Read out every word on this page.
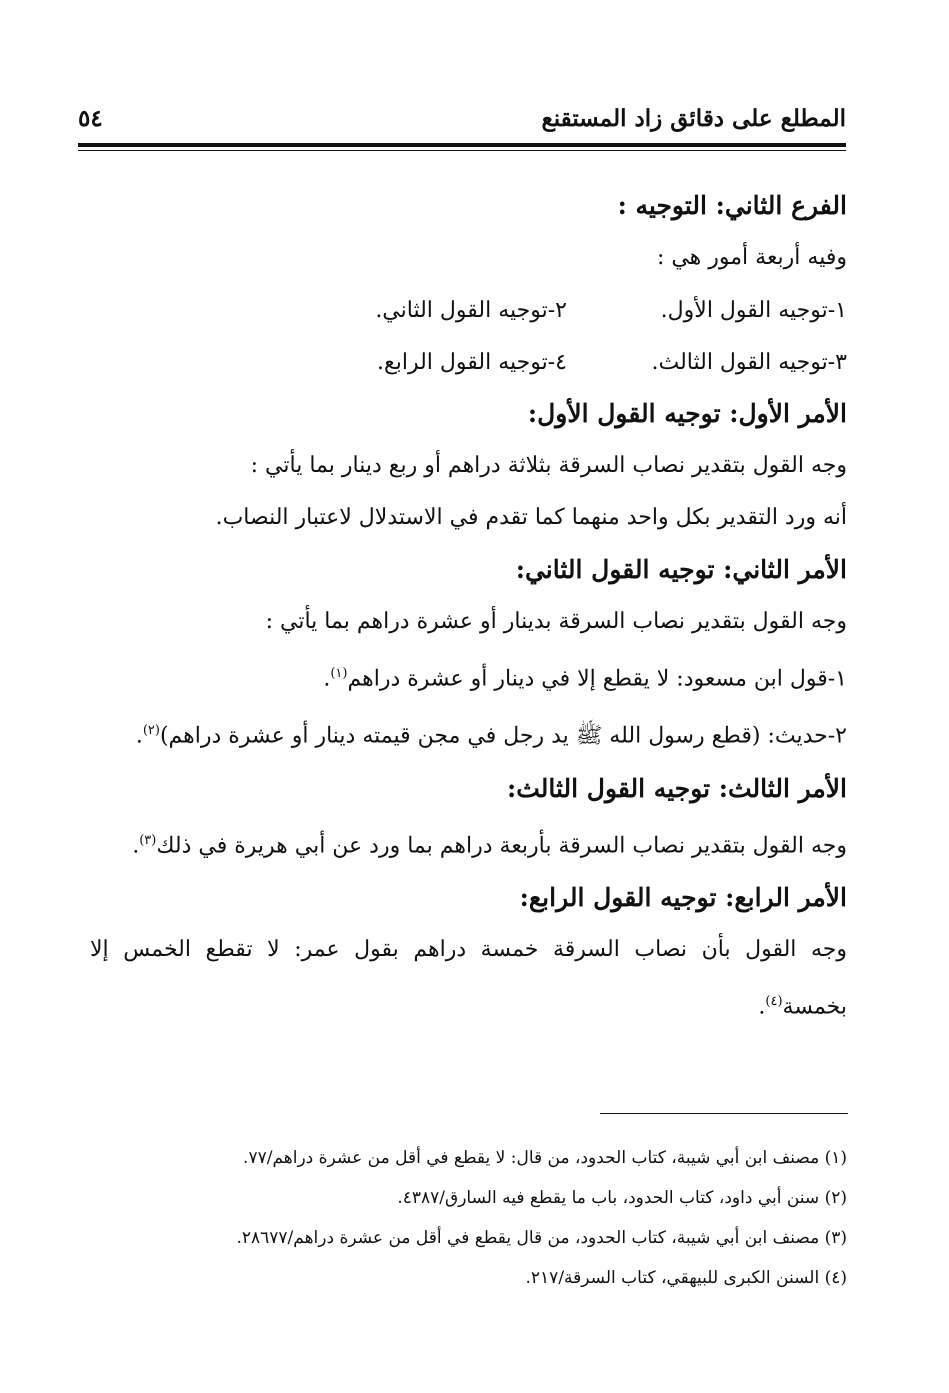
المطلع على دقائق زاد المستقنع
٥٤

الفرع الثاني: التوجيه :

وفيه أربعة أمور هي :

١-توجيه القول الأول.
٢-توجيه القول الثاني.
٣-توجيه القول الثالث.
٤-توجيه القول الرابع.

الأمر الأول: توجيه القول الأول:

وجه القول بتقدير نصاب السرقة بثلاثة دراهم أو ربع دينار بما يأتي :

أنه ورد التقدير بكل واحد منهما كما تقدم في الاستدلال لاعتبار النصاب.

الأمر الثاني: توجيه القول الثاني:

وجه القول بتقدير نصاب السرقة بدينار أو عشرة دراهم بما يأتي :

١-قول ابن مسعود: لا يقطع إلا في دينار أو عشرة دراهم$^{(١)}$.

٢-حديث: (قطع رسول الله ﷺ يد رجل في مجن قيمته دينار أو عشرة دراهم)$^{(٢)}$.

الأمر الثالث: توجيه القول الثالث:

وجه القول بتقدير نصاب السرقة بأربعة دراهم بما ورد عن أبي هريرة في ذلك$^{(٣)}$.

الأمر الرابع: توجيه القول الرابع:

وجه القول بأن نصاب السرقة خمسة دراهم بقول عمر: لا تقطع الخمس إلا بخمسة$^{(٤)}$.

(١) مصنف ابن أبي شيبة، كتاب الحدود، من قال: لا يقطع في أقل من عشرة دراهم/٧٧.

(٢) سنن أبي داود، كتاب الحدود، باب ما يقطع فيه السارق/٤٣٨٧.

(٣) مصنف ابن أبي شيبة، كتاب الحدود، من قال يقطع في أقل من عشرة دراهم/٢٨٦٧٧.

(٤) السنن الكبرى للبيهقي، كتاب السرقة/٢١٧.
